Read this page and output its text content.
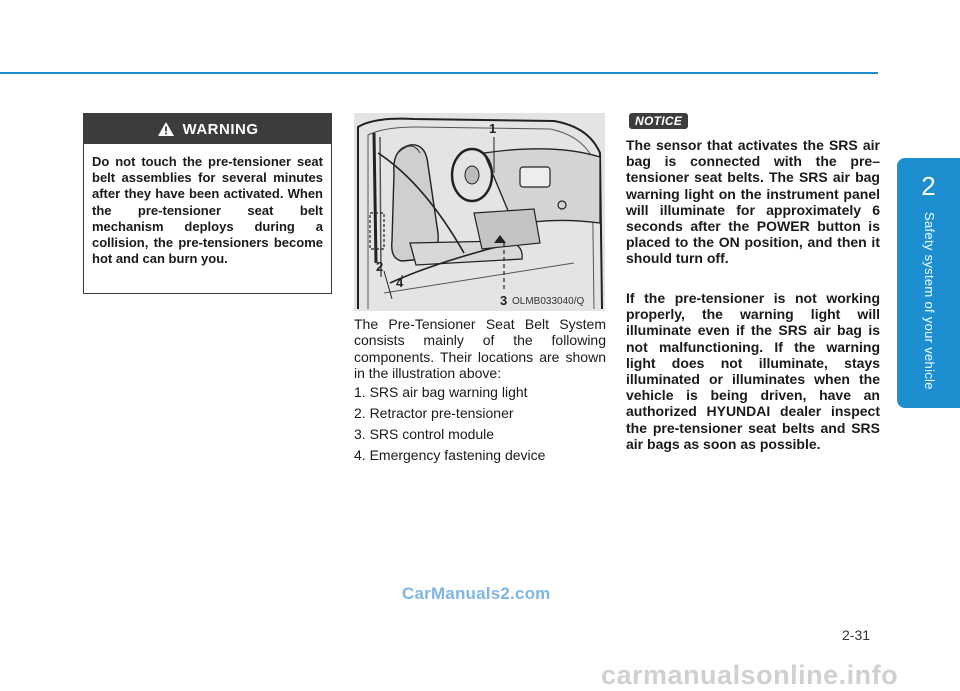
2
Safety system of your vehicle
WARNING
Do not touch the pre-tensioner seat belt assemblies for several minutes after they have been activated. When the pre-tensioner seat belt mechanism deploys during a collision, the pre-tensioners become hot and can burn you.
1
2
3
4
OLMB033040/Q
The Pre-Tensioner Seat Belt System consists mainly of the following components. Their locations are shown in the illustration above:
1. SRS air bag warning light
2. Retractor pre-tensioner
3. SRS control module
4. Emergency fastening device
NOTICE

The sensor that activates the SRS air bag is connected with the pre–tensioner seat belts. The SRS air bag warning light on the instrument panel will illuminate for approximately 6 seconds after the POWER button is placed to the ON position, and then it should turn off.

If the pre-tensioner is not working properly, the warning light will illuminate even if the SRS air bag is not malfunctioning. If the warning light does not illuminate, stays illuminated or illuminates when the vehicle is being driven, have an authorized HYUNDAI dealer inspect the pre-tensioner seat belts and SRS air bags as soon as possible.

CarManuals2.com
2-31
carmanualsonline.info
